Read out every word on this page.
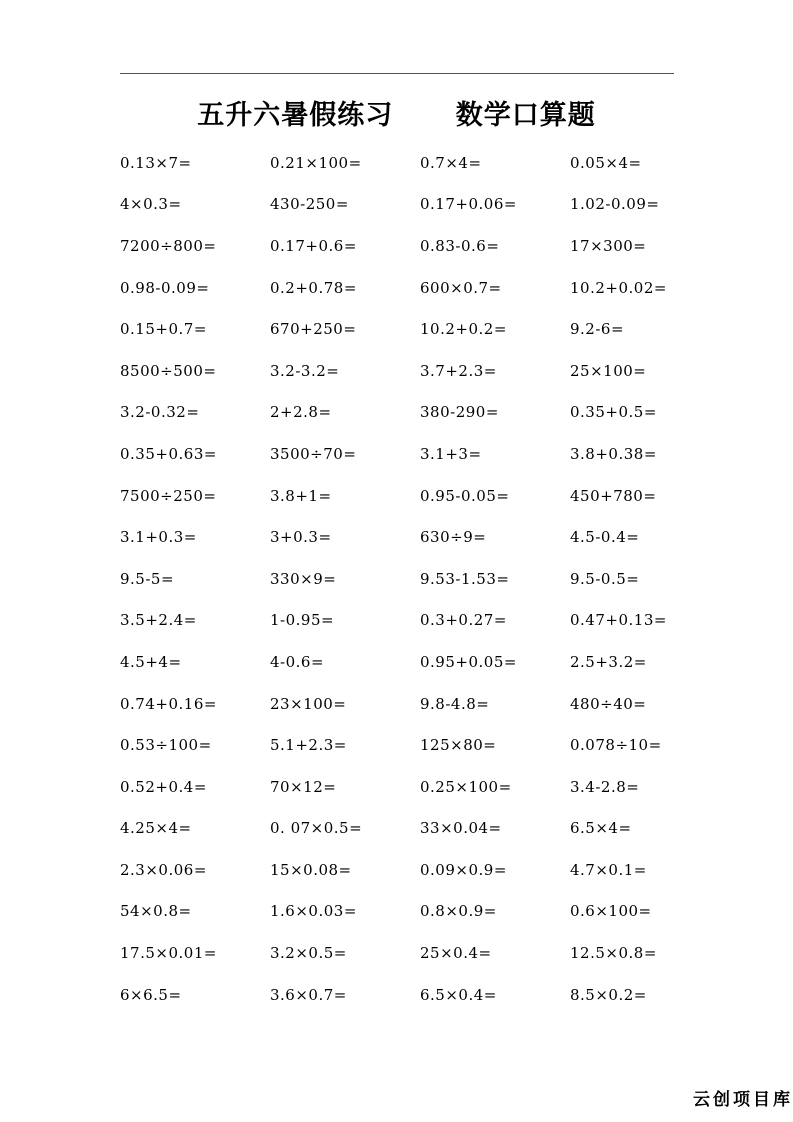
五升六暑假练习      数学口算题
0.13×7=	0.21×100=	0.7×4=	0.05×4=
4×0.3=	430-250=	0.17+0.06=	1.02-0.09=
7200÷800=	0.17+0.6=	0.83-0.6=	17×300=
0.98-0.09=	0.2+0.78=	600×0.7=	10.2+0.02=
0.15+0.7=	670+250=	10.2+0.2=	9.2-6=
8500÷500=	3.2-3.2=	3.7+2.3=	25×100=
3.2-0.32=	2+2.8=	380-290=	0.35+0.5=
0.35+0.63=	3500÷70=	3.1+3=	3.8+0.38=
7500÷250=	3.8+1=	0.95-0.05=	450+780=
3.1+0.3=	3+0.3=	630÷9=	4.5-0.4=
9.5-5=	330×9=	9.53-1.53=	9.5-0.5=
3.5+2.4=	1-0.95=	0.3+0.27=	0.47+0.13=
4.5+4=	4-0.6=	0.95+0.05=	2.5+3.2=
0.74+0.16=	23×100=	9.8-4.8=	480÷40=
0.53÷100=	5.1+2.3=	125×80=	0.078÷10=
0.52+0.4=	70×12=	0.25×100=	3.4-2.8=
4.25×4=	0. 07×0.5=	33×0.04=	6.5×4=
2.3×0.06=	15×0.08=	0.09×0.9=	4.7×0.1=
54×0.8=	1.6×0.03=	0.8×0.9=	0.6×100=
17.5×0.01=	3.2×0.5=	25×0.4=	12.5×0.8=
6×6.5=	3.6×0.7=	6.5×0.4=	8.5×0.2=
云创项目库
